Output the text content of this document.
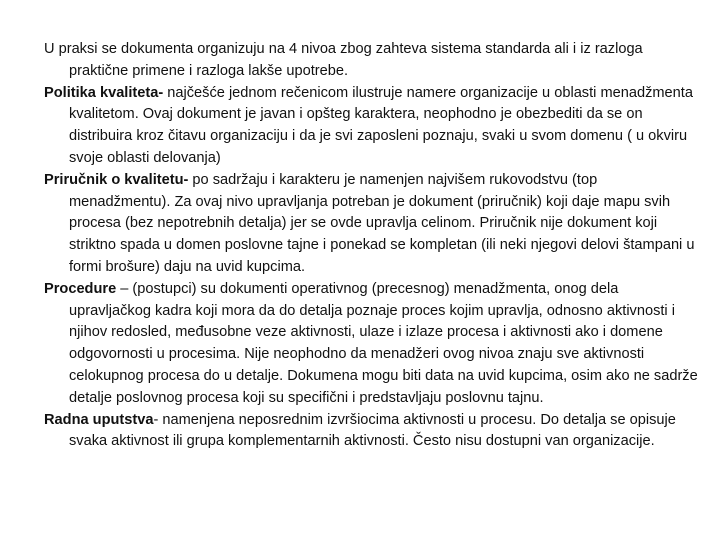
U praksi se dokumenta organizuju na 4 nivoa zbog zahteva sistema standarda ali i iz razloga praktične primene i razloga lakše upotrebe.

Politika kvaliteta- najčešće jednom rečenicom ilustruje namere organizacije u oblasti menadžmenta kvalitetom. Ovaj dokument je javan i opšteg karaktera, neophodno je obezbediti da se on distribuira kroz čitavu organizaciju i da je svi zaposleni poznaju, svaki u svom domenu ( u okviru svoje oblasti delovanja)

Priručnik o kvalitetu- po sadržaju i karakteru je namenjen najvišem rukovodstvu (top menadžmentu). Za ovaj nivo upravljanja potreban je dokument (priručnik) koji daje mapu svih procesa (bez nepotrebnih detalja) jer se ovde upravlja celinom. Priručnik nije dokument koji striktno spada u domen poslovne tajne i ponekad se kompletan (ili neki njegovi delovi štampani u formi brošure) daju na uvid kupcima.

Procedure – (postupci) su dokumenti operativnog (precesnog) menadžmenta, onog dela upravljačkog kadra koji mora da do detalja poznaje proces kojim upravlja, odnosno aktivnosti i njihov redosled, međusobne veze aktivnosti, ulaze i izlaze procesa i aktivnosti ako i domene odgovornosti u procesima. Nije neophodno da menadžeri ovog nivoa znaju sve aktivnosti celokupnog procesa do u detalje. Dokumena mogu biti data na uvid kupcima, osim ako ne sadrže detalje poslovnog procesa koji su specifični i predstavljaju poslovnu tajnu.

Radna uputstva- namenjena neposrednim izvršiocima aktivnosti u procesu. Do detalja se opisuje svaka aktivnost ili grupa komplementarnih aktivnosti. Često nisu dostupni van organizacije.
